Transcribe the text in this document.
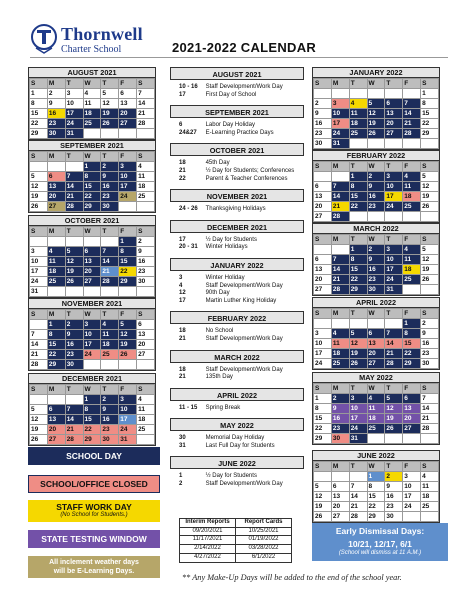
Thornwell
Charter School	2021-2022 CALENDAR
AUGUST 2021
S	M	T	W	T	F	S
1	2	3	4	5	6	7
8	9	10	11	12	13	14
15	16	17	18	19	20	21
22	23	24	25	26	27	28
29	30	31				
SEPTEMBER 2021
S	M	T	W	T	F	S
			1	2	3	4
5	6	7	8	9	10	11
12	13	14	15	16	17	18
19	20	21	22	23	24	25
26	27	28	29	30		
OCTOBER 2021
S	M	T	W	T	F	S
					1	2
3	4	5	6	7	8	9
10	11	12	13	14	15	16
17	18	19	20	21	22	23
24	25	26	27	28	29	30
31						
NOVEMBER 2021
S	M	T	W	T	F	S
	1	2	3	4	5	6
7	8	9	10	11	12	13
14	15	16	17	18	19	20
21	22	23	24	25	26	27
28	29	30				
DECEMBER 2021
S	M	T	W	T	F	S
			1	2	3	4
5	6	7	8	9	10	11
12	13	14	15	16	17	18
19	20	21	22	23	24	25
26	27	28	29	30	31	
JANUARY 2022
S	M	T	W	T	F	S
						1
2	3	4	5	6	7	8
9	10	11	12	13	14	15
16	17	18	19	20	21	22
23	24	25	26	27	28	29
30	31					
FEBRUARY 2022
S	M	T	W	T	F	S
		1	2	3	4	5
6	7	8	9	10	11	12
13	14	15	16	17	18	19
20	21	22	23	24	25	26
27	28					
MARCH 2022
S	M	T	W	T	F	S
		1	2	3	4	5
6	7	8	9	10	11	12
13	14	15	16	17	18	19
20	21	22	23	24	25	26
27	28	29	30	31		
APRIL 2022
S	M	T	W	T	F	S
					1	2
3	4	5	6	7	8	9
10	11	12	13	14	15	16
17	18	19	20	21	22	23
24	25	26	27	28	29	30
MAY 2022
S	M	T	W	T	F	S
1	2	3	4	5	6	7
8	9	10	11	12	13	14
15	16	17	18	19	20	21
22	23	24	25	26	27	28
29	30	31				
JUNE 2022
S	M	T	W	T	F	S
			1	2	3	4
5	6	7	8	9	10	11
12	13	14	15	16	17	18
19	20	21	22	23	24	25
26	27	28	29	30		
AUGUST 2021
10 - 16	Staff Development/Work Day
17	First Day of School
SEPTEMBER 2021
6	Labor Day Holiday
24&27	E-Learning Practice Days
OCTOBER 2021
18	45th Day
21	½ Day for Students; Conferences
22	Parent & Teacher Conferences
NOVEMBER 2021
24 - 26	Thanksgiving Holidays
DECEMBER 2021
17	½ Day for Students
20 - 31	Winter Holidays
JANUARY 2022
3	Winter Holiday
4	Staff Development/Work Day
12	90th Day
17	Martin Luther King Holiday
FEBRUARY 2022
18	No School
21	Staff Development/Work Day
MARCH 2022
18	Staff Development/Work Day
21	135th Day
APRIL 2022
11 - 15	Spring Break
MAY 2022
30	Memorial Day Holiday
31	Last Full Day for Students
JUNE 2022
1	½ Day for Students
2	Staff Development/Work Day
SCHOOL DAY
SCHOOL/OFFICE CLOSED
STAFF WORK DAY
(No School for Students.)
STATE TESTING WINDOW
All inclement weather days
will be E-Learning Days.
Interim Reports	Report Cards
09/20/2021	10/25/2021
11/17/2021	01/19/2022
2/14/2022	03/28/2022
4/27/2022	6/1/2022
Early Dismissal Days:
10/21, 12/17, 6/1
(School will dismiss at 11 A.M.)
** Any Make-Up Days will be added to the end of the school year.
